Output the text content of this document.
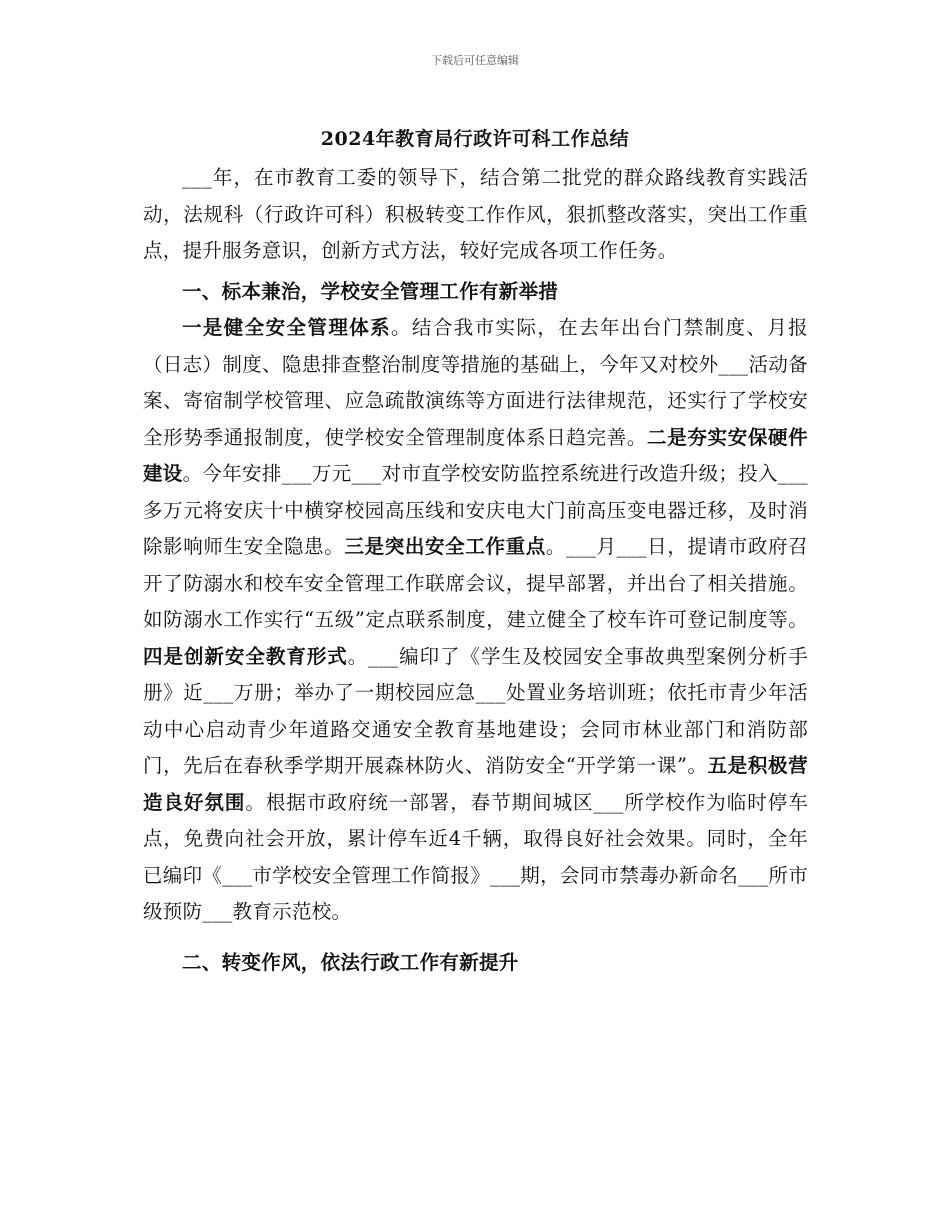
下载后可任意编辑
2024年教育局行政许可科工作总结

___年，在市教育工委的领导下，结合第二批党的群众路线教育实践活动，法规科（行政许可科）积极转变工作作风，狠抓整改落实，突出工作重点，提升服务意识，创新方式方法，较好完成各项工作任务。

一、标本兼治，学校安全管理工作有新举措

一是健全安全管理体系。结合我市实际，在去年出台门禁制度、月报（日志）制度、隐患排查整治制度等措施的基础上，今年又对校外___活动备案、寄宿制学校管理、应急疏散演练等方面进行法律规范，还实行了学校安全形势季通报制度，使学校安全管理制度体系日趋完善。二是夯实安保硬件建设。今年安排___万元___对市直学校安防监控系统进行改造升级；投入___多万元将安庆十中横穿校园高压线和安庆电大门前高压变电器迁移，及时消除影响师生安全隐患。三是突出安全工作重点。___月___日，提请市政府召开了防溺水和校车安全管理工作联席会议，提早部署，并出台了相关措施。如防溺水工作实行“五级”定点联系制度，建立健全了校车许可登记制度等。四是创新安全教育形式。___编印了《学生及校园安全事故典型案例分析手册》近___万册；举办了一期校园应急___处置业务培训班；依托市青少年活动中心启动青少年道路交通安全教育基地建设；会同市林业部门和消防部门，先后在春秋季学期开展森林防火、消防安全“开学第一课”。五是积极营造良好氛围。根据市政府统一部署，春节期间城区___所学校作为临时停车点，免费向社会开放，累计停车近4千辆，取得良好社会效果。同时，全年已编印《___市学校安全管理工作简报》___期，会同市禁毒办新命名___所市级预防___教育示范校。

二、转变作风，依法行政工作有新提升
